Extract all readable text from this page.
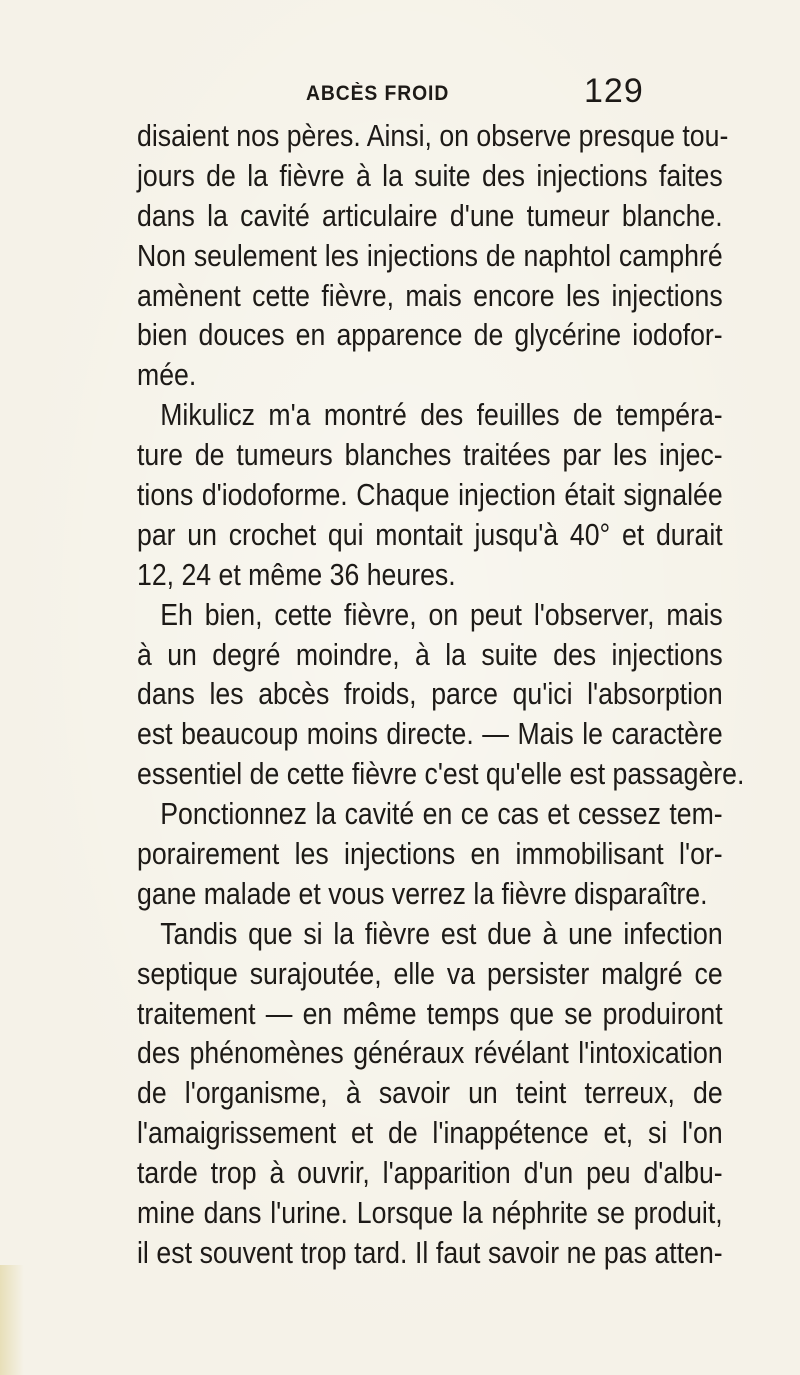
ABCÈS FROID	129
disaient nos pères. Ainsi, on observe presque tou-
jours de la fièvre à la suite des injections faites
dans la cavité articulaire d'une tumeur blanche.
Non seulement les injections de naphtol camphré
amènent cette fièvre, mais encore les injections
bien douces en apparence de glycérine iodofor-
mée.
Mikulicz m'a montré des feuilles de tempéra-
ture de tumeurs blanches traitées par les injec-
tions d'iodoforme. Chaque injection était signalée
par un crochet qui montait jusqu'à 40° et durait
12, 24 et même 36 heures.
Eh bien, cette fièvre, on peut l'observer, mais
à un degré moindre, à la suite des injections
dans les abcès froids, parce qu'ici l'absorption
est beaucoup moins directe. — Mais le caractère
essentiel de cette fièvre c'est qu'elle est passagère.
Ponctionnez la cavité en ce cas et cessez tem-
porairement les injections en immobilisant l'or-
gane malade et vous verrez la fièvre disparaître.
Tandis que si la fièvre est due à une infection
septique surajoutée, elle va persister malgré ce
traitement — en même temps que se produiront
des phénomènes généraux révélant l'intoxication
de l'organisme, à savoir un teint terreux, de
l'amaigrissement et de l'inappétence et, si l'on
tarde trop à ouvrir, l'apparition d'un peu d'albu-
mine dans l'urine. Lorsque la néphrite se produit,
il est souvent trop tard. Il faut savoir ne pas atten-
